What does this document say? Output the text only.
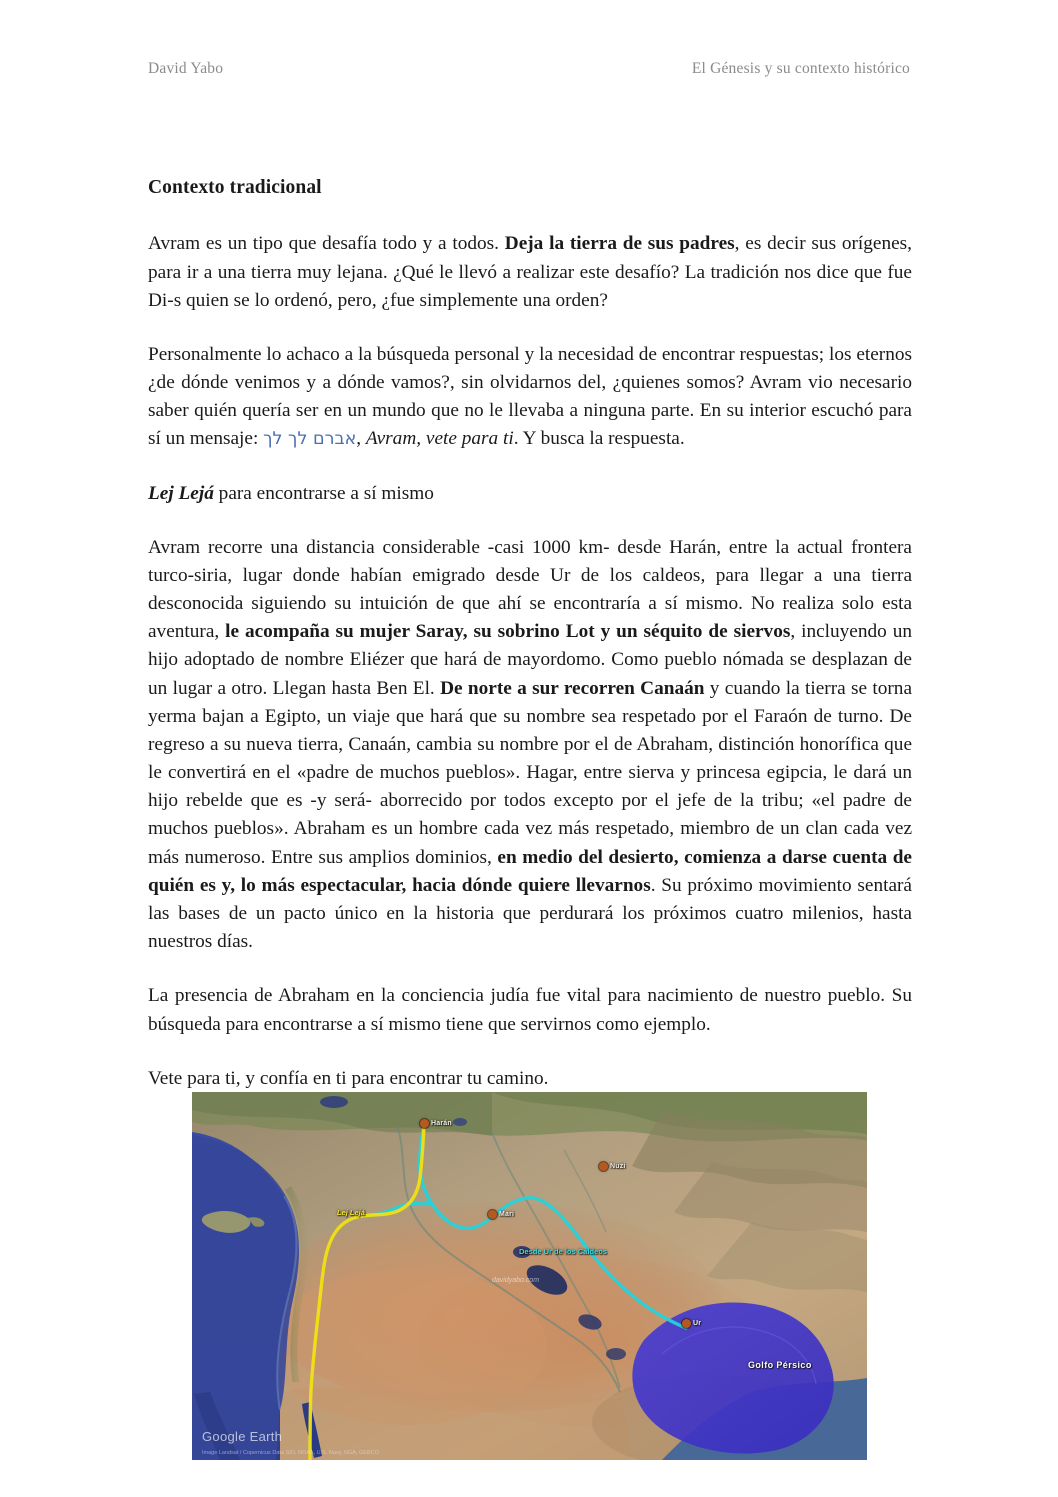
David Yabo	El Génesis y su contexto histórico
Contexto tradicional

Avram es un tipo que desafía todo y a todos. Deja la tierra de sus padres, es decir sus orígenes, para ir a una tierra muy lejana. ¿Qué le llevó a realizar este desafío? La tradición nos dice que fue Di-s quien se lo ordenó, pero, ¿fue simplemente una orden?

Personalmente lo achaco a la búsqueda personal y la necesidad de encontrar respuestas; los eternos ¿de dónde venimos y a dónde vamos?, sin olvidarnos del, ¿quienes somos? Avram vio necesario saber quién quería ser en un mundo que no le llevaba a ninguna parte. En su interior escuchó para sí un mensaje: אברם לך לך, Avram, vete para ti. Y busca la respuesta.

Lej Lejá para encontrarse a sí mismo

Avram recorre una distancia considerable -casi 1000 km- desde Harán, entre la actual frontera turco-siria, lugar donde habían emigrado desde Ur de los caldeos, para llegar a una tierra desconocida siguiendo su intuición de que ahí se encontraría a sí mismo. No realiza solo esta aventura, le acompaña su mujer Saray, su sobrino Lot y un séquito de siervos, incluyendo un hijo adoptado de nombre Eliézer que hará de mayordomo. Como pueblo nómada se desplazan de un lugar a otro. Llegan hasta Ben El. De norte a sur recorren Canaán y cuando la tierra se torna yerma bajan a Egipto, un viaje que hará que su nombre sea respetado por el Faraón de turno. De regreso a su nueva tierra, Canaán, cambia su nombre por el de Abraham, distinción honorífica que le convertirá en el «padre de muchos pueblos». Hagar, entre sierva y princesa egipcia, le dará un hijo rebelde que es -y será- aborrecido por todos excepto por el jefe de la tribu; «el padre de muchos pueblos». Abraham es un hombre cada vez más respetado, miembro de un clan cada vez más numeroso. Entre sus amplios dominios, en medio del desierto, comienza a darse cuenta de quién es y, lo más espectacular, hacia dónde quiere llevarnos. Su próximo movimiento sentará las bases de un pacto único en la historia que perdurará los próximos cuatro milenios, hasta nuestros días.

La presencia de Abraham en la conciencia judía fue vital para nacimiento de nuestro pueblo. Su búsqueda para encontrarse a sí mismo tiene que servirnos como ejemplo.

Vete para ti, y confía en ti para encontrar tu camino.

Harán
Nuzi
Mari
Ur
Lej Lejá
Desde Ur de los Caldeos
Golfo Pérsico
davidyabo.com
Google Earth
Image Landsat / Copernicus Data SIO, NOAA, U.S. Navy, NGA, GEBCO
